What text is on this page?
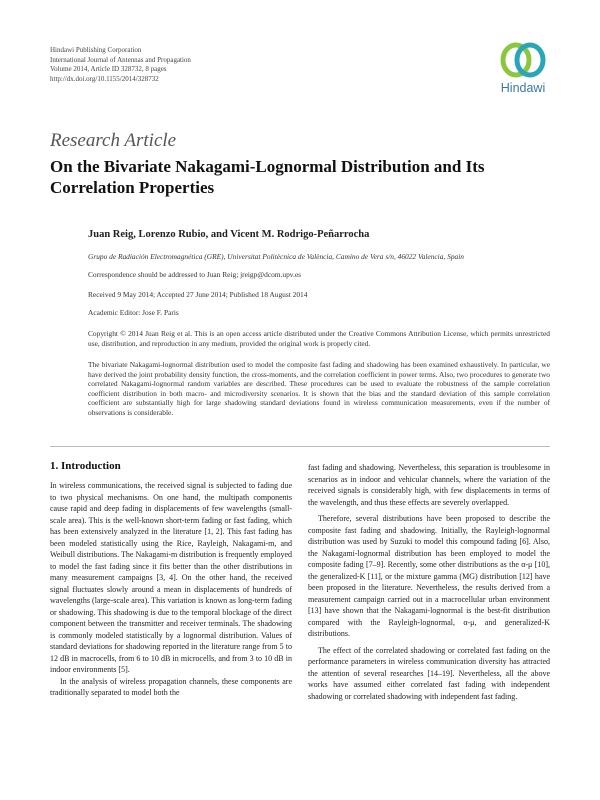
Hindawi Publishing Corporation
International Journal of Antennas and Propagation
Volume 2014, Article ID 328732, 8 pages
http://dx.doi.org/10.1155/2014/328732
Hindawi
Research Article
On the Bivariate Nakagami-Lognormal Distribution and Its Correlation Properties
Juan Reig, Lorenzo Rubio, and Vicent M. Rodrigo-Peñarrocha
Grupo de Radiación Electromagnética (GRE), Universitat Politècnica de València, Camino de Vera s/n, 46022 Valencia, Spain
Correspondence should be addressed to Juan Reig; jreigp@dcom.upv.es
Received 9 May 2014; Accepted 27 June 2014; Published 18 August 2014
Academic Editor: Jose F. Paris
Copyright © 2014 Juan Reig et al. This is an open access article distributed under the Creative Commons Attribution License, which permits unrestricted use, distribution, and reproduction in any medium, provided the original work is properly cited.
The bivariate Nakagami-lognormal distribution used to model the composite fast fading and shadowing has been examined exhaustively. In particular, we have derived the joint probability density function, the cross-moments, and the correlation coefficient in power terms. Also, two procedures to generate two correlated Nakagami-lognormal random variables are described. These procedures can be used to evaluate the robustness of the sample correlation coefficient distribution in both macro- and microdiversity scenarios. It is shown that the bias and the standard deviation of this sample correlation coefficient are substantially high for large shadowing standard deviations found in wireless communication measurements, even if the number of observations is considerable.
1. Introduction

In wireless communications, the received signal is subjected to fading due to two physical mechanisms. On one hand, the multipath components cause rapid and deep fading in displacements of few wavelengths (small-scale area). This is the well-known short-term fading or fast fading, which has been extensively analyzed in the literature [1, 2]. This fast fading has been modeled statistically using the Rice, Rayleigh, Nakagami-m, and Weibull distributions. The Nakagami-m distribution is frequently employed to model the fast fading since it fits better than the other distributions in many measurement campaigns [3, 4]. On the other hand, the received signal fluctuates slowly around a mean in displacements of hundreds of wavelengths (large-scale area). This variation is known as long-term fading or shadowing. This shadowing is due to the temporal blockage of the direct component between the transmitter and receiver terminals. The shadowing is commonly modeled statistically by a lognormal distribution. Values of standard deviations for shadowing reported in the literature range from 5 to 12 dB in macrocells, from 6 to 10 dB in microcells, and from 3 to 10 dB in indoor environments [5].

In the analysis of wireless propagation channels, these components are traditionally separated to model both the

fast fading and shadowing. Nevertheless, this separation is troublesome in scenarios as in indoor and vehicular channels, where the variation of the received signals is considerably high, with few displacements in terms of the wavelength, and thus these effects are severely overlapped.

Therefore, several distributions have been proposed to describe the composite fast fading and shadowing. Initially, the Rayleigh-lognormal distribution was used by Suzuki to model this compound fading [6]. Also, the Nakagami-lognormal distribution has been employed to model the composite fading [7–9]. Recently, some other distributions as the α-μ [10], the generalized-K [11], or the mixture gamma (MG) distribution [12] have been proposed in the literature. Nevertheless, the results derived from a measurement campaign carried out in a macrocellular urban environment [13] have shown that the Nakagami-lognormal is the best-fit distribution compared with the Rayleigh-lognormal, α-μ, and generalized-K distributions.

The effect of the correlated shadowing or correlated fast fading on the performance parameters in wireless communication diversity has attracted the attention of several researches [14–19]. Nevertheless, all the above works have assumed either correlated fast fading with independent shadowing or correlated shadowing with independent fast fading.
